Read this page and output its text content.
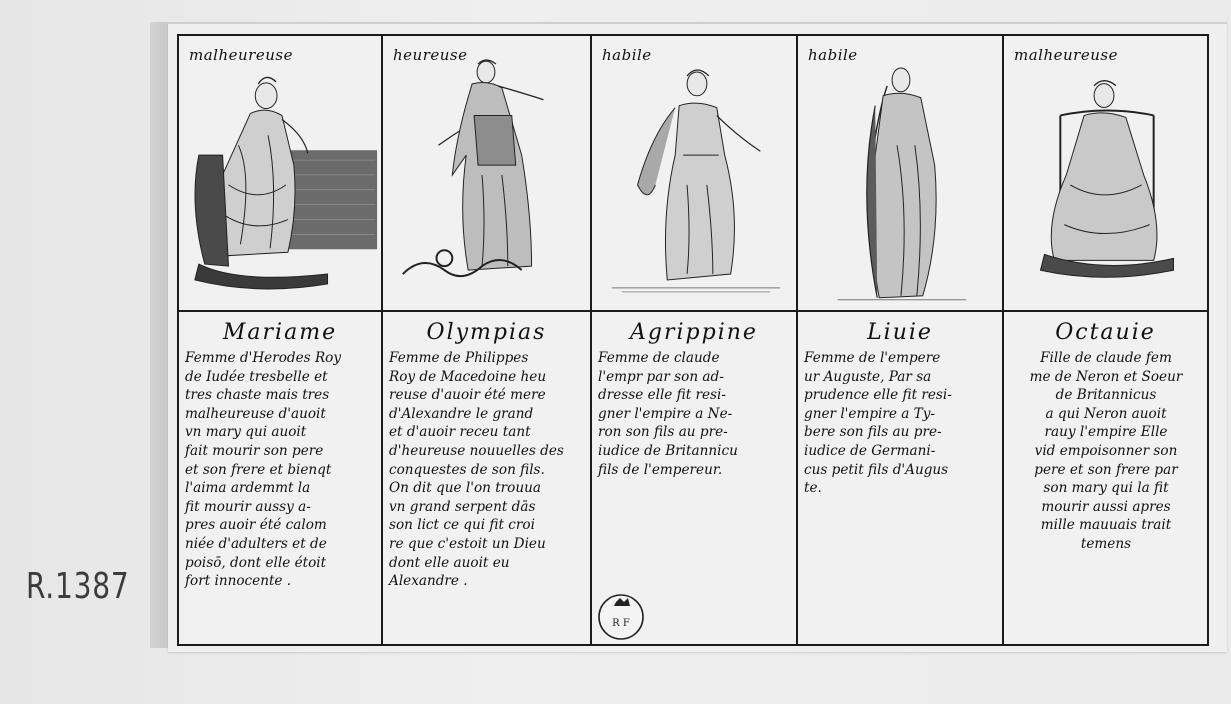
malheureuse	heureuse	habile	habile	malheureuse
Mariame
Femme d'Herodes Roy
de Iudée tresbelle et
tres chaste mais tres
malheureuse d'auoit
vn mary qui auoit
fait mourir son pere
et son frere et bienqt
l'aima ardemmt la
fit mourir aussy a-
pres auoir été calom
niée d'adulters et de
poisō, dont elle étoit
fort innocente .
Olympias
Femme de Philippes
Roy de Macedoine heu
reuse d'auoir été mere
d'Alexandre le grand
et d'auoir receu tant
d'heureuse nouuelles des
conquestes de son fils.
On dit que l'on trouua
vn grand serpent dās
son lict ce qui fit croi
re que c'estoit un Dieu
dont elle auoit eu
Alexandre .
Agrippine
Femme de claude
l'empr par son ad-
dresse elle fit resi-
gner l'empire a Ne-
ron son fils au pre-
iudice de Britannicu
fils de l'empereur.
Liuie
Femme de l'empere
ur Auguste, Par sa
prudence elle fit resi-
gner l'empire a Ty-
bere son fils au pre-
iudice de Germani-
cus petit fils d'Augus
te.
Octauie
Fille de claude fem
me de Neron et Soeur
de Britannicus
a qui Neron auoit
rauy l'empire Elle
vid empoisonner son
pere et son frere par
son mary qui la fit
mourir aussi apres
mille mauuais trait
temens
R F
R.1387
